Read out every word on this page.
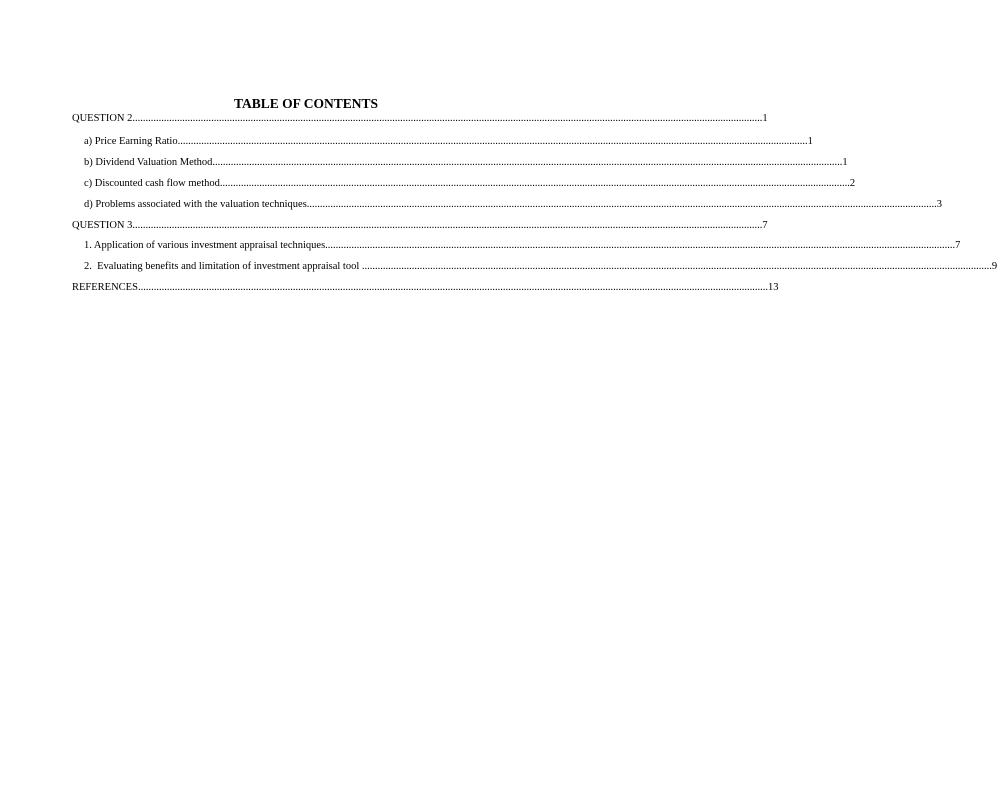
TABLE OF CONTENTS
QUESTION 2 ................................................................................................................................................................................................................................................ 1
a) Price Earning Ratio ................................................................................................................................................................................................................................................ 1
b) Dividend Valuation Method ................................................................................................................................................................................................................................................ 1
c) Discounted cash flow method ................................................................................................................................................................................................................................................ 2
d) Problems associated with the valuation techniques ................................................................................................................................................................................................................................................ 3
QUESTION 3 ................................................................................................................................................................................................................................................ 7
1. Application of various investment appraisal techniques ................................................................................................................................................................................................................................................ 7
2.  Evaluating benefits and limitation of investment appraisal tool ................................................................................................................................................................................................................................................ 9
REFERENCES ................................................................................................................................................................................................................................................ 13
